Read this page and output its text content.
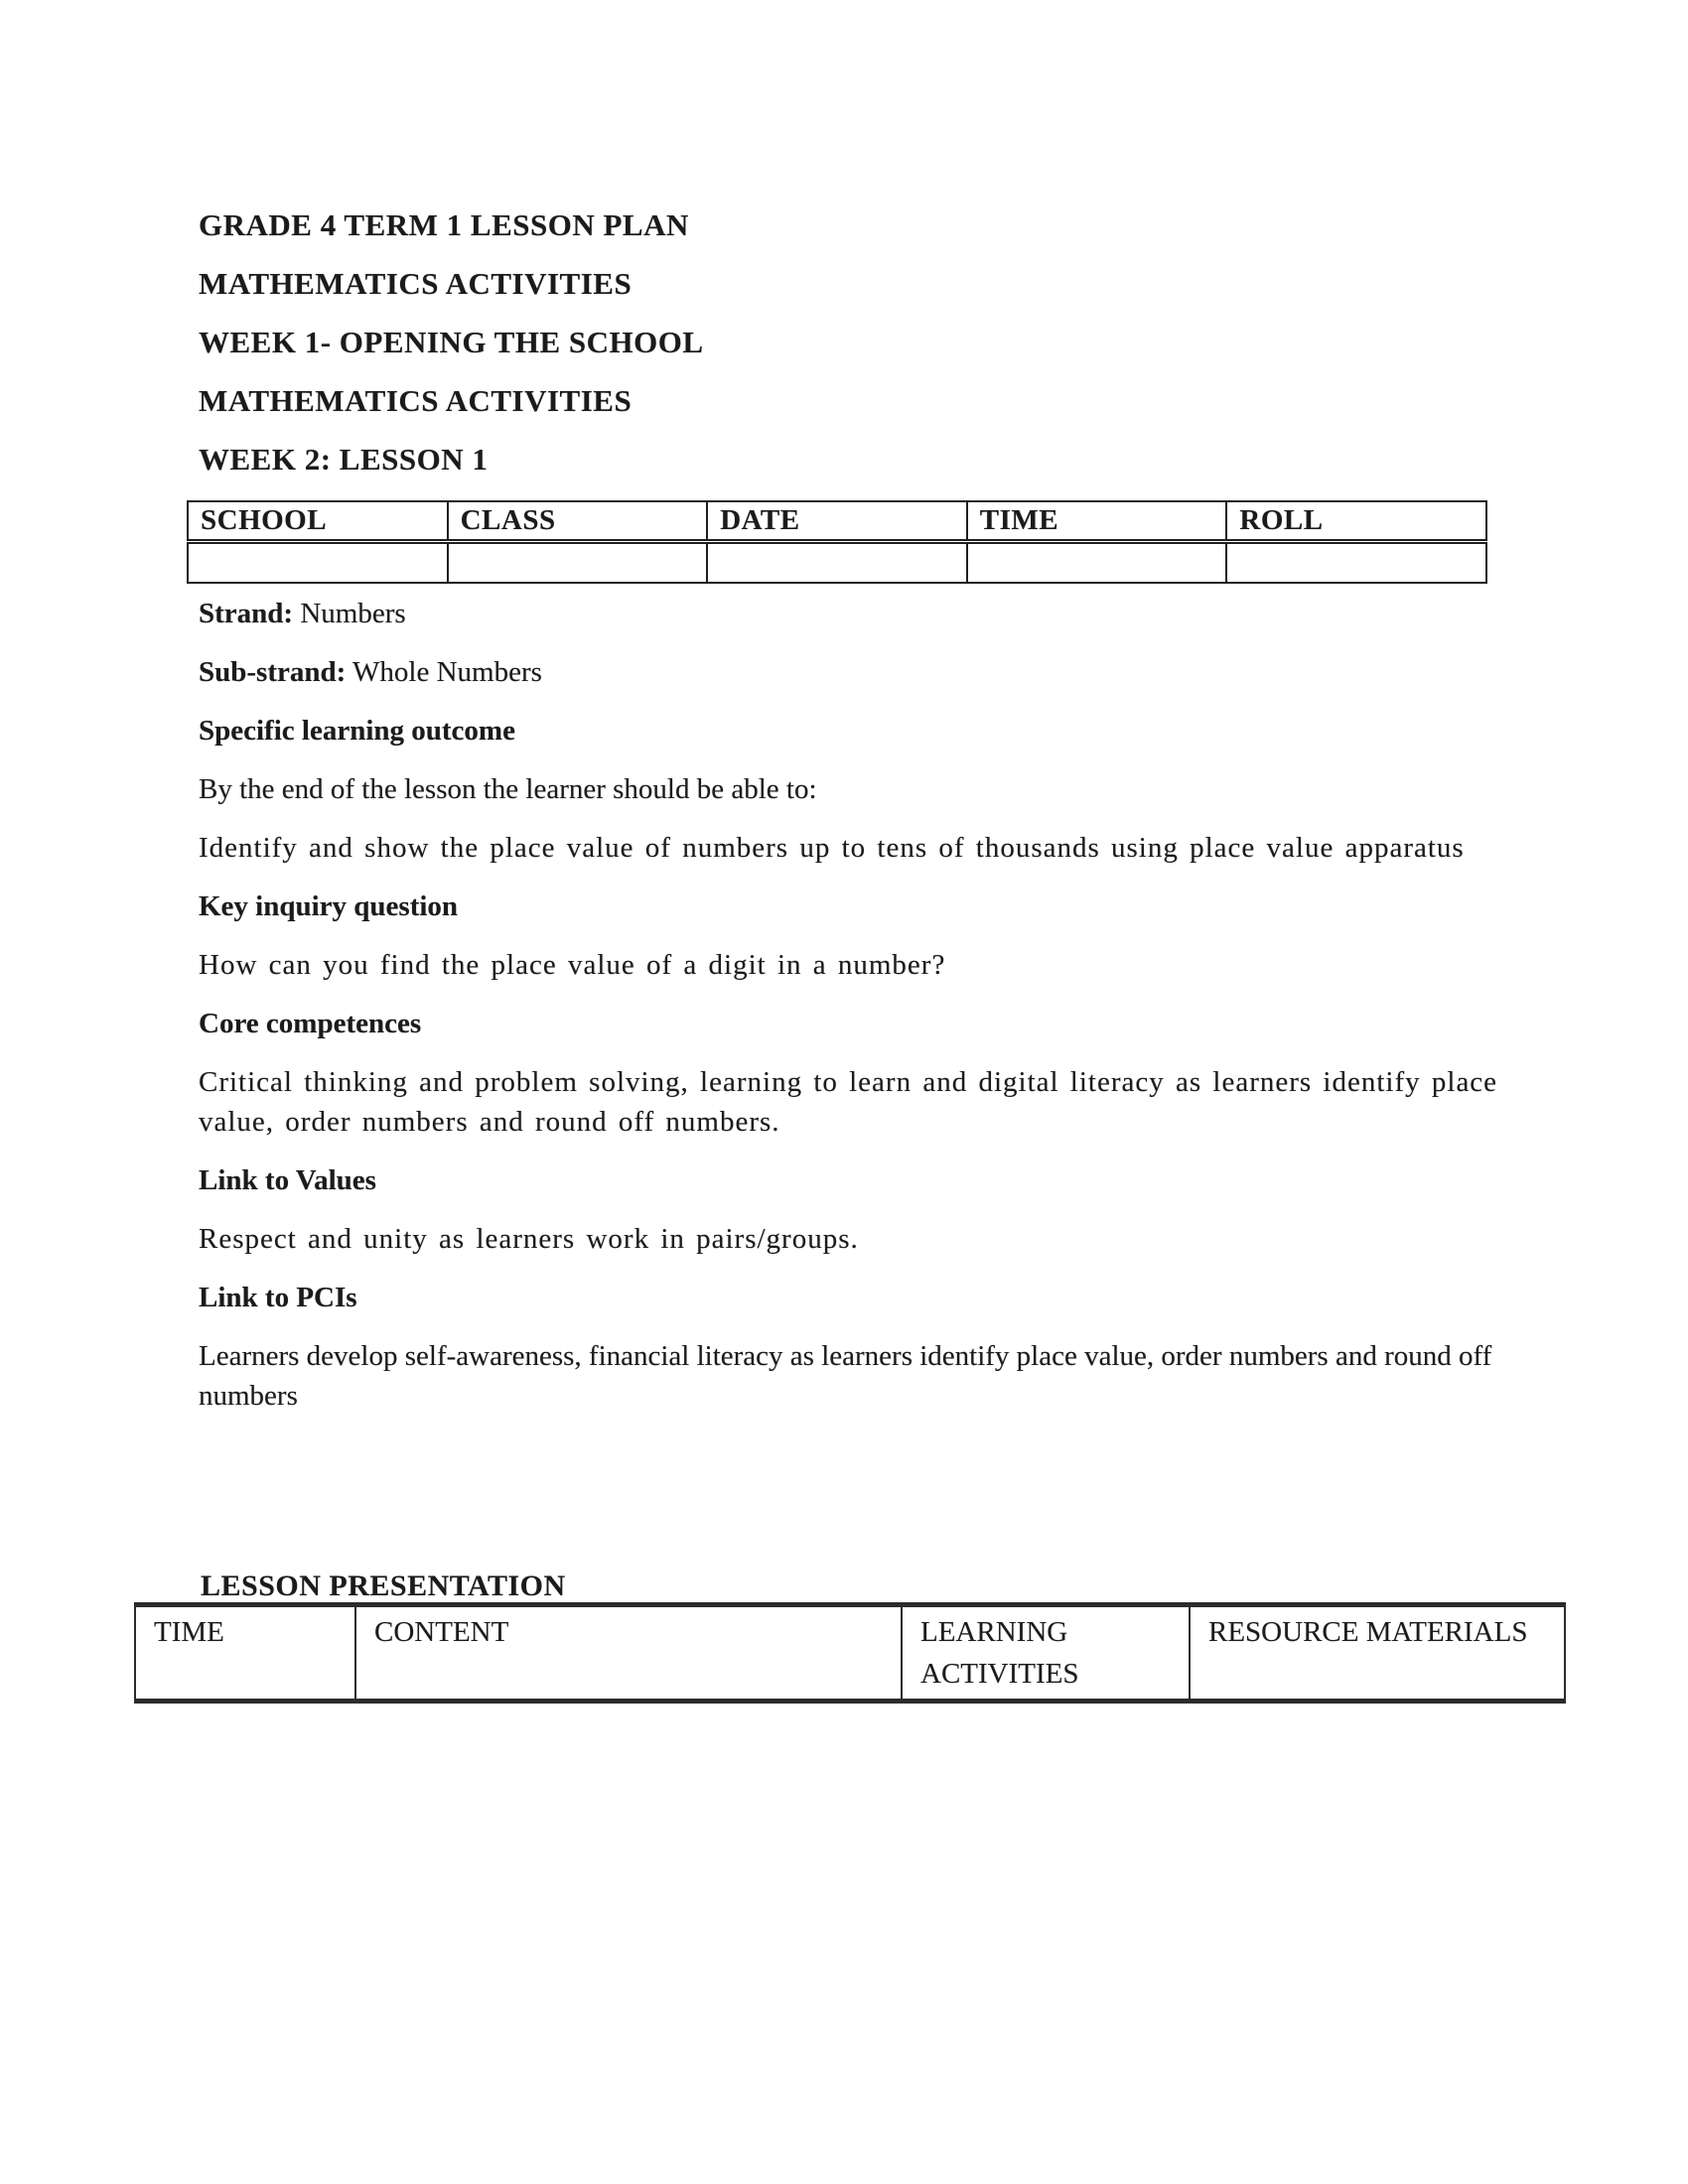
GRADE 4 TERM 1 LESSON PLAN
MATHEMATICS ACTIVITIES
WEEK 1- OPENING THE SCHOOL
MATHEMATICS ACTIVITIES
WEEK 2: LESSON 1
SCHOOL	CLASS	DATE	TIME	ROLL

Strand: Numbers

Sub-strand: Whole Numbers

Specific learning outcome

By the end of the lesson the learner should be able to:

Identify and show the place value of numbers up to tens of thousands using place value apparatus

Key inquiry question

How can you find the place value of a digit in a number?

Core competences

Critical thinking and problem solving, learning to learn and digital literacy as learners identify place value, order numbers and round off numbers.

Link to Values

Respect and unity as learners work in pairs/groups.

Link to PCIs

Learners develop self-awareness, financial literacy as learners identify place value, order numbers and round off numbers

LESSON PRESENTATION
TIME	CONTENT	LEARNING ACTIVITIES	RESOURCE MATERIALS
